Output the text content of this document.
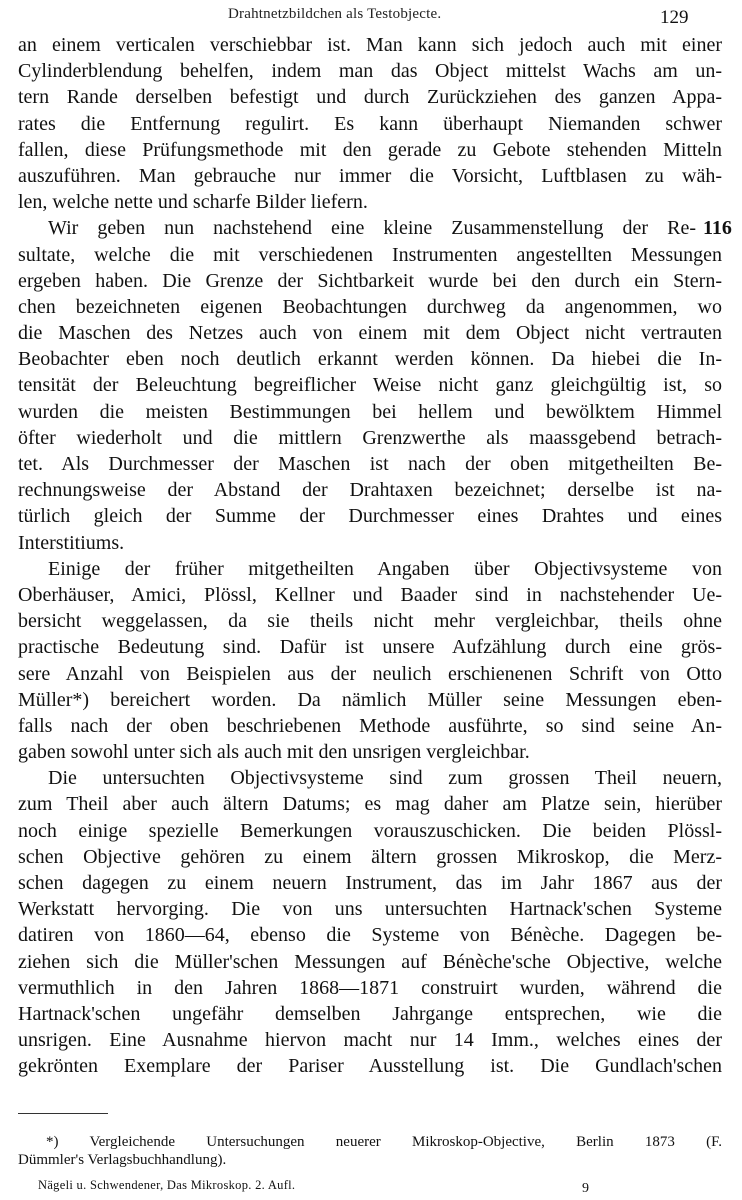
Drahtnetzbildchen als Testobjecte.	129
an einem verticalen verschiebbar ist. Man kann sich jedoch auch mit einer
Cylinderblendung behelfen, indem man das Object mittelst Wachs am un-
tern Rande derselben befestigt und durch Zurückziehen des ganzen Appa-
rates die Entfernung regulirt. Es kann überhaupt Niemanden schwer
fallen, diese Prüfungsmethode mit den gerade zu Gebote stehenden Mitteln
auszuführen. Man gebrauche nur immer die Vorsicht, Luftblasen zu wäh-
len, welche nette und scharfe Bilder liefern.
Wir geben nun nachstehend eine kleine Zusammenstellung der Re-
sultate, welche die mit verschiedenen Instrumenten angestellten Messungen
ergeben haben. Die Grenze der Sichtbarkeit wurde bei den durch ein Stern-
chen bezeichneten eigenen Beobachtungen durchweg da angenommen, wo
die Maschen des Netzes auch von einem mit dem Object nicht vertrauten
Beobachter eben noch deutlich erkannt werden können. Da hiebei die In-
tensität der Beleuchtung begreiflicher Weise nicht ganz gleichgültig ist, so
wurden die meisten Bestimmungen bei hellem und bewölktem Himmel
öfter wiederholt und die mittlern Grenzwerthe als maassgebend betrach-
tet. Als Durchmesser der Maschen ist nach der oben mitgetheilten Be-
rechnungsweise der Abstand der Drahtaxen bezeichnet; derselbe ist na-
türlich gleich der Summe der Durchmesser eines Drahtes und eines
Interstitiums.
Einige der früher mitgetheilten Angaben über Objectivsysteme von
Oberhäuser, Amici, Plössl, Kellner und Baader sind in nachstehender Ue-
bersicht weggelassen, da sie theils nicht mehr vergleichbar, theils ohne
practische Bedeutung sind. Dafür ist unsere Aufzählung durch eine grös-
sere Anzahl von Beispielen aus der neulich erschienenen Schrift von Otto
Müller*) bereichert worden. Da nämlich Müller seine Messungen eben-
falls nach der oben beschriebenen Methode ausführte, so sind seine An-
gaben sowohl unter sich als auch mit den unsrigen vergleichbar.
Die untersuchten Objectivsysteme sind zum grossen Theil neuern,
zum Theil aber auch ältern Datums; es mag daher am Platze sein, hierüber
noch einige spezielle Bemerkungen vorauszuschicken. Die beiden Plössl-
schen Objective gehören zu einem ältern grossen Mikroskop, die Merz-
schen dagegen zu einem neuern Instrument, das im Jahr 1867 aus der
Werkstatt hervorging. Die von uns untersuchten Hartnack'schen Systeme
datiren von 1860—64, ebenso die Systeme von Bénèche. Dagegen be-
ziehen sich die Müller'schen Messungen auf Bénèche'sche Objective, welche
vermuthlich in den Jahren 1868—1871 construirt wurden, während die
Hartnack'schen ungefähr demselben Jahrgange entsprechen, wie die
unsrigen. Eine Ausnahme hiervon macht nur 14 Imm., welches eines der
gekrönten Exemplare der Pariser Ausstellung ist. Die Gundlach'schen
116
*) Vergleichende Untersuchungen neuerer Mikroskop-Objective, Berlin 1873 (F.
Dümmler's Verlagsbuchhandlung).
Nägeli u. Schwendener, Das Mikroskop. 2. Aufl.	9
